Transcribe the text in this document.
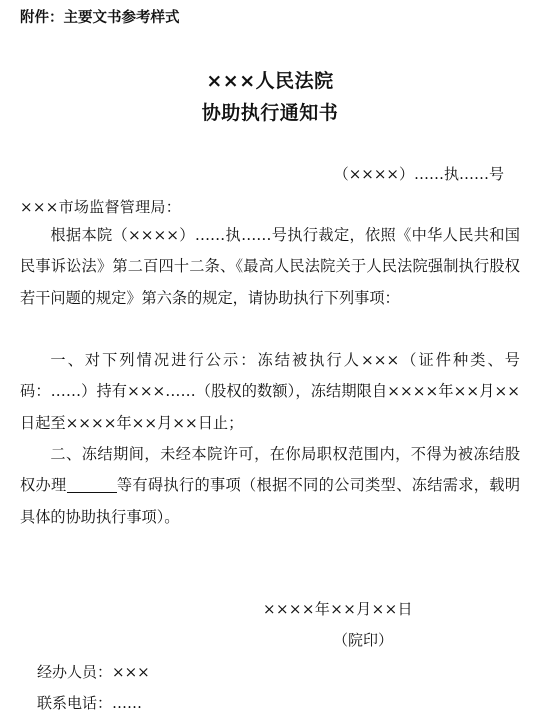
附件：主要文书参考样式
×××人民法院
协助执行通知书
（××××）……执……号
×××市场监督管理局：

根据本院（××××）……执……号执行裁定，依照《中华人民共和国民事诉讼法》第二百四十二条、《最高人民法院关于人民法院强制执行股权若干问题的规定》第六条的规定，请协助执行下列事项：

一、对下列情况进行公示：冻结被执行人×××（证件种类、号码：……）持有×××……（股权的数额），冻结期限自××××年××月××日起至××××年××月××日止；

二、冻结期间，未经本院许可，在你局职权范围内，不得为被冻结股权办理	等有碍执行的事项（根据不同的公司类型、冻结需求，载明具体的协助执行事项）。

××××年××月××日
（院印）
经办人员：×××
联系电话：……
